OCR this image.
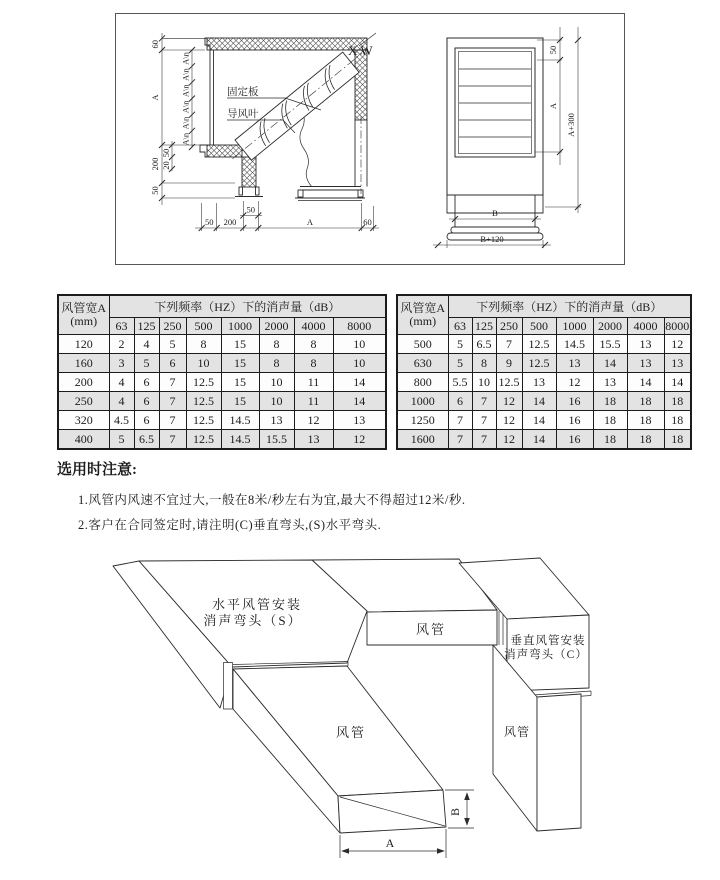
固定板
导风叶
XW
60
A
200
50
50
20
A\n
A\n
A\n
A\n
A\n
A\n
50 200
50
A	60
50
A
A+300
B
B+120
风管宽A
(mm)	下列频率（HZ）下的消声量（dB）							
	63	125	250	500	1000	2000	4000	8000
120	2	4	5	8	15	8	8	10
160	3	5	6	10	15	8	8	10
200	4	6	7	12.5	15	10	11	14
250	4	6	7	12.5	15	10	11	14
320	4.5	6	7	12.5	14.5	13	12	13
400	5	6.5	7	12.5	14.5	15.5	13	12
风管宽A
(mm)	下列频率（HZ）下的消声量（dB）							
	63	125	250	500	1000	2000	4000	8000
500	5	6.5	7	12.5	14.5	15.5	13	12
630	5	8	9	12.5	13	14	13	13
800	5.5	10	12.5	13	12	13	14	14
1000	6	7	12	14	16	18	18	18
1250	7	7	12	14	16	18	18	18
1600	7	7	12	14	16	18	18	18
选用时注意:
1.风管内风速不宜过大,一般在8米/秒左右为宜,最大不得超过12米/秒.
2.客户在合同签定时,请注明(C)垂直弯头,(S)水平弯头.
水平风管安装
消声弯头（S）
风管
垂直风管安装
消声弯头（C）
风管	风管
A
B
